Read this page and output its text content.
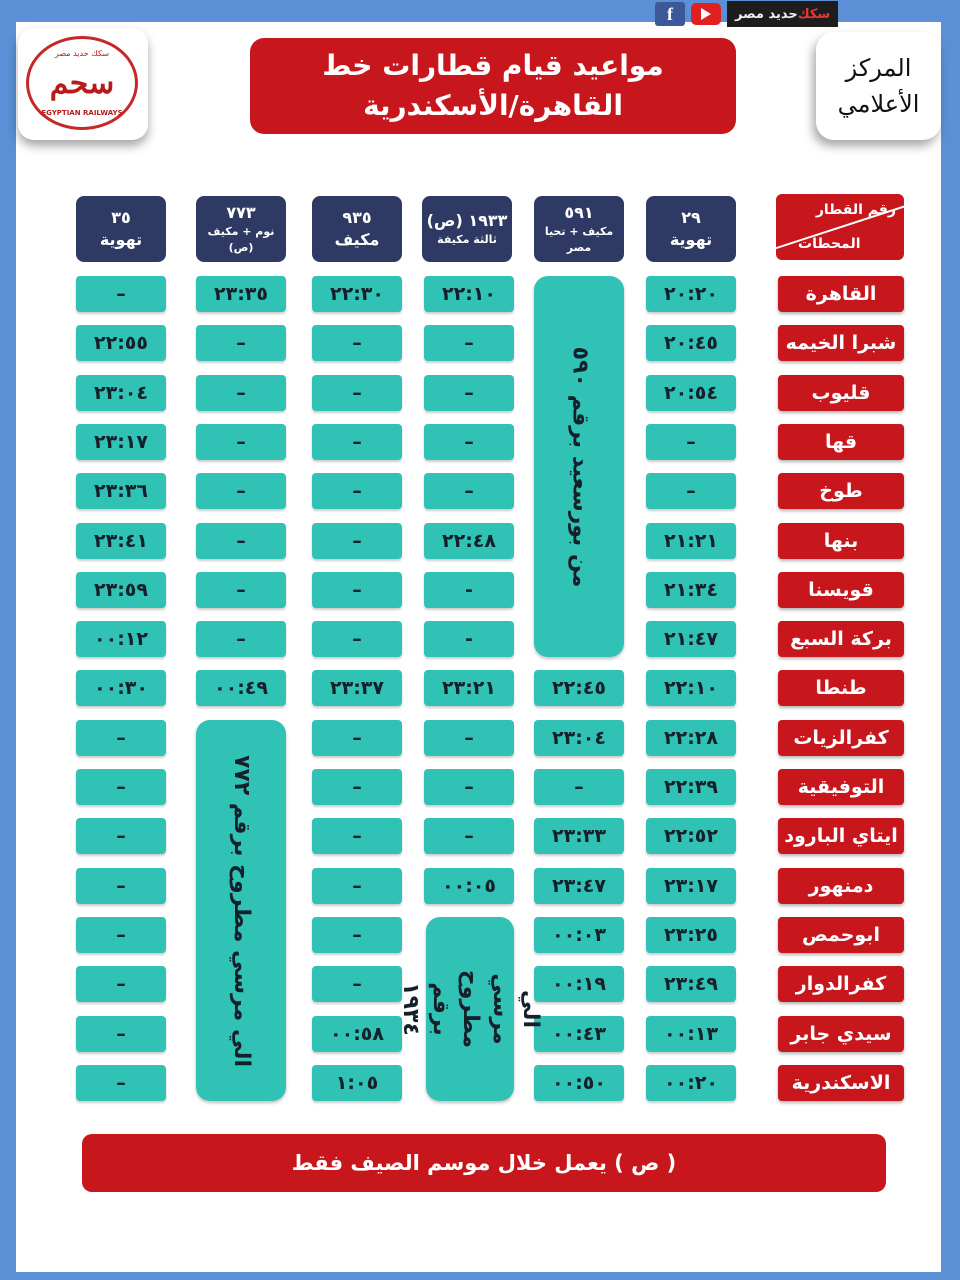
f	سكك
حديد مصر
سكك حديد مصر
سحم
EGYPTIAN RAILWAYS
مواعيد قيام قطارات خط
القاهرة/الأسكندرية
المركز
الأعلامي
رقم القطار
المحطات
القاهرة
شبرا الخيمه
قليوب
قها
طوخ
بنها
قويسنا
بركة السبع
طنطا
كفرالزيات
التوفيقية
ايتاي البارود
دمنهور
ابوحمص
كفرالدوار
سيدي جابر
الاسكندرية
٢٩
تهوية
٢٠:٢٠
٢٠:٤٥
٢٠:٥٤
–
–
٢١:٢١
٢١:٣٤
٢١:٤٧
٢٢:١٠
٢٢:٢٨
٢٢:٣٩
٢٢:٥٢
٢٣:١٧
٢٣:٢٥
٢٣:٤٩
٠٠:١٣
٠٠:٢٠
٥٩١
مكيف + تحيا مصر
٢٢:٤٥
٢٣:٠٤
–
٢٣:٣٣
٢٣:٤٧
٠٠:٠٣
٠٠:١٩
٠٠:٤٣
٠٠:٥٠
١٩٣٣ (ص)
ثالثة مكيفة
٢٢:١٠
–
–
–
–
٢٢:٤٨
-
-
٢٣:٢١
–
–
–
٠٠:٠٥
٩٣٥
مكيف
٢٢:٣٠
–
–
–
–
–
–
–
٢٣:٣٧
–
–
–
–
–
–
٠٠:٥٨
١:٠٥
٧٧٣
نوم + مكيف
(ص)
٢٣:٣٥
–
–
–
–
–
–
–
٠٠:٤٩
٣٥
تهوية
–
٢٢:٥٥
٢٣:٠٤
٢٣:١٧
٢٣:٣٦
٢٣:٤١
٢٣:٥٩
٠٠:١٢
٠٠:٣٠
–
–
–
–
–
–
–
–
من بورسعيد برقم ٥٩٠
الي مرسي مطروح برقم ١٩٣٤
الي مرسي مطروح برقم ٧٧٢
( ص ) يعمل خلال موسم الصيف فقط
